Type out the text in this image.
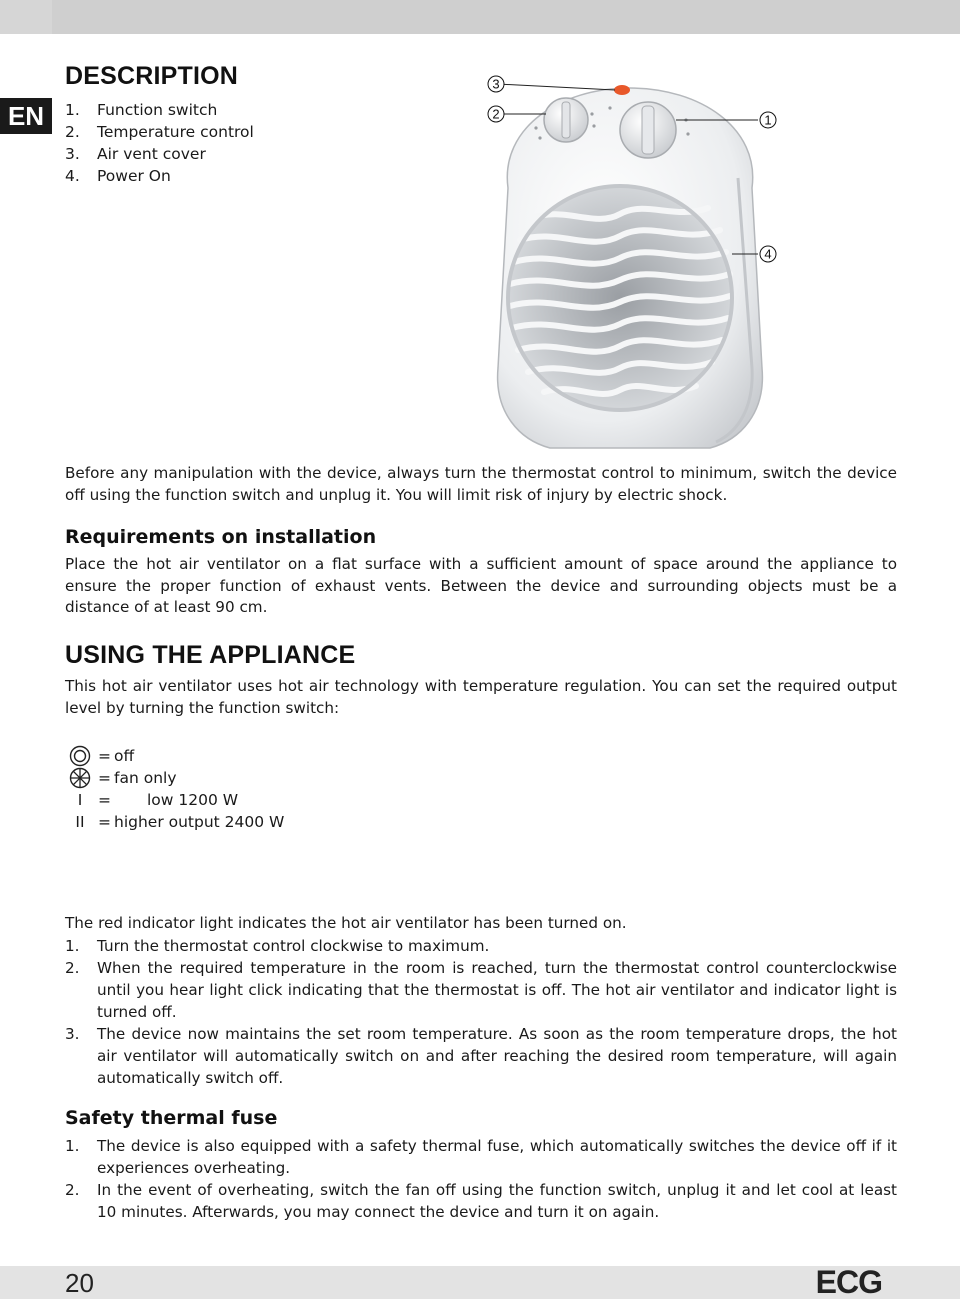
EN
DESCRIPTION
1.	Function switch
2.	Temperature control
3.	Air vent cover
4.	Power On
3
2	1
4
Before any manipulation with the device, always turn the thermostat control to minimum, switch the device off using the function switch and unplug it. You will limit risk of injury by electric shock.
Requirements on installation
Place the hot air ventilator on a flat surface with a sufficient amount of space around the appliance to ensure the proper function of exhaust vents. Between the device and surrounding objects must be a distance of at least 90 cm.
USING THE APPLIANCE
This hot air ventilator uses hot air technology with temperature regulation. You can set the required output level by turning the function switch:
= off
= fan only
I	= low 1200 W
II = higher output 2400 W
The red indicator light indicates the hot air ventilator has been turned on.
1.	Turn the thermostat control clockwise to maximum.
2.	When the required temperature in the room is reached, turn the thermostat control counterclockwise until you hear light click indicating that the thermostat is off. The hot air ventilator and indicator light is turned off.
3.	The device now maintains the set room temperature. As soon as the room temperature drops, the hot air ventilator will automatically switch on and after reaching the desired room temperature, will again automatically switch off.
Safety thermal fuse
1.	The device is also equipped with a safety thermal fuse, which automatically switches the device off if it experiences overheating.
2.	In the event of overheating, switch the fan off using the function switch, unplug it and let cool at least 10 minutes. Afterwards, you may connect the device and turn it on again.
20	ECG
